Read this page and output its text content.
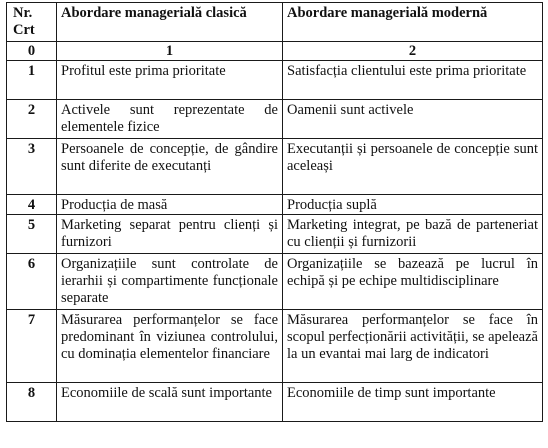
Nr. Crt	Abordare managerială clasică	Abordare managerială modernă
0	1	2
1	Profitul este prima prioritate	Satisfacția clientului este prima prioritate
2	Activele sunt reprezentate de elementele fizice	Oamenii sunt activele
3	Persoanele de concepție, de gândire sunt diferite de executanți	Executanții și persoanele de concepție sunt aceleași
4	Producția de masă	Producția suplă
5	Marketing separat pentru clienți și furnizori	Marketing integrat, pe bază de parteneriat cu clienții și furnizorii
6	Organizațiile sunt controlate de ierarhii și compartimente funcționale separate	Organizațiile se bazează pe lucrul în echipă și pe echipe multidisciplinare
7	Măsurarea performanțelor se face predominant în viziunea controlului, cu dominația elementelor financiare	Măsurarea performanțelor se face în scopul perfecționării activității, se apelează la un evantai mai larg de indicatori
8	Economiile de scală sunt importante	Economiile de timp sunt importante
